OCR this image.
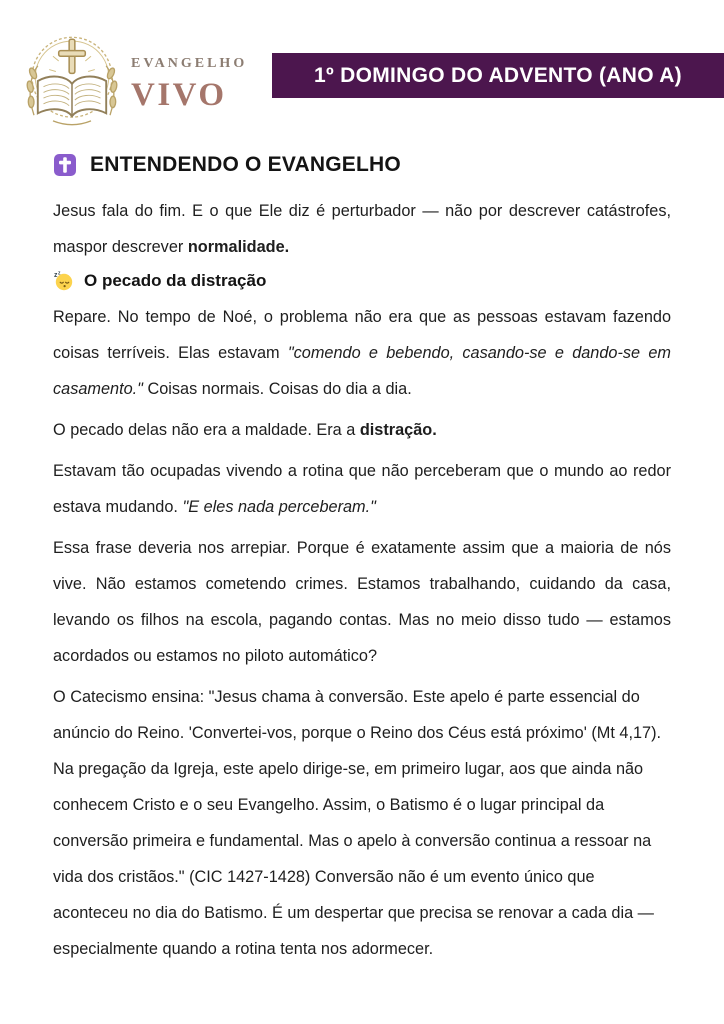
EVANGELHO
VIVO
1º DOMINGO DO ADVENTO (ANO A)
ENTENDENDO O EVANGELHO

Jesus fala do fim. E o que Ele diz é perturbador — não por descrever catástrofes, maspor descrever normalidade.

z z O pecado da distração

Repare. No tempo de Noé, o problema não era que as pessoas estavam fazendo coisas terríveis. Elas estavam "comendo e bebendo, casando-se e dando-se em casamento." Coisas normais. Coisas do dia a dia.

O pecado delas não era a maldade. Era a distração.

Estavam tão ocupadas vivendo a rotina que não perceberam que o mundo ao redor estava mudando. "E eles nada perceberam."

Essa frase deveria nos arrepiar. Porque é exatamente assim que a maioria de nós vive. Não estamos cometendo crimes. Estamos trabalhando, cuidando da casa, levando os filhos na escola, pagando contas. Mas no meio disso tudo — estamos acordados ou estamos no piloto automático?

O Catecismo ensina: "Jesus chama à conversão. Este apelo é parte essencial do anúncio do Reino. 'Convertei-vos, porque o Reino dos Céus está próximo' (Mt 4,17). Na pregação da Igreja, este apelo dirige-se, em primeiro lugar, aos que ainda não conhecem Cristo e o seu Evangelho. Assim, o Batismo é o lugar principal da conversão primeira e fundamental. Mas o apelo à conversão continua a ressoar na vida dos cristãos." (CIC 1427-1428) Conversão não é um evento único que aconteceu no dia do Batismo. É um despertar que precisa se renovar a cada dia — especialmente quando a rotina tenta nos adormecer.
